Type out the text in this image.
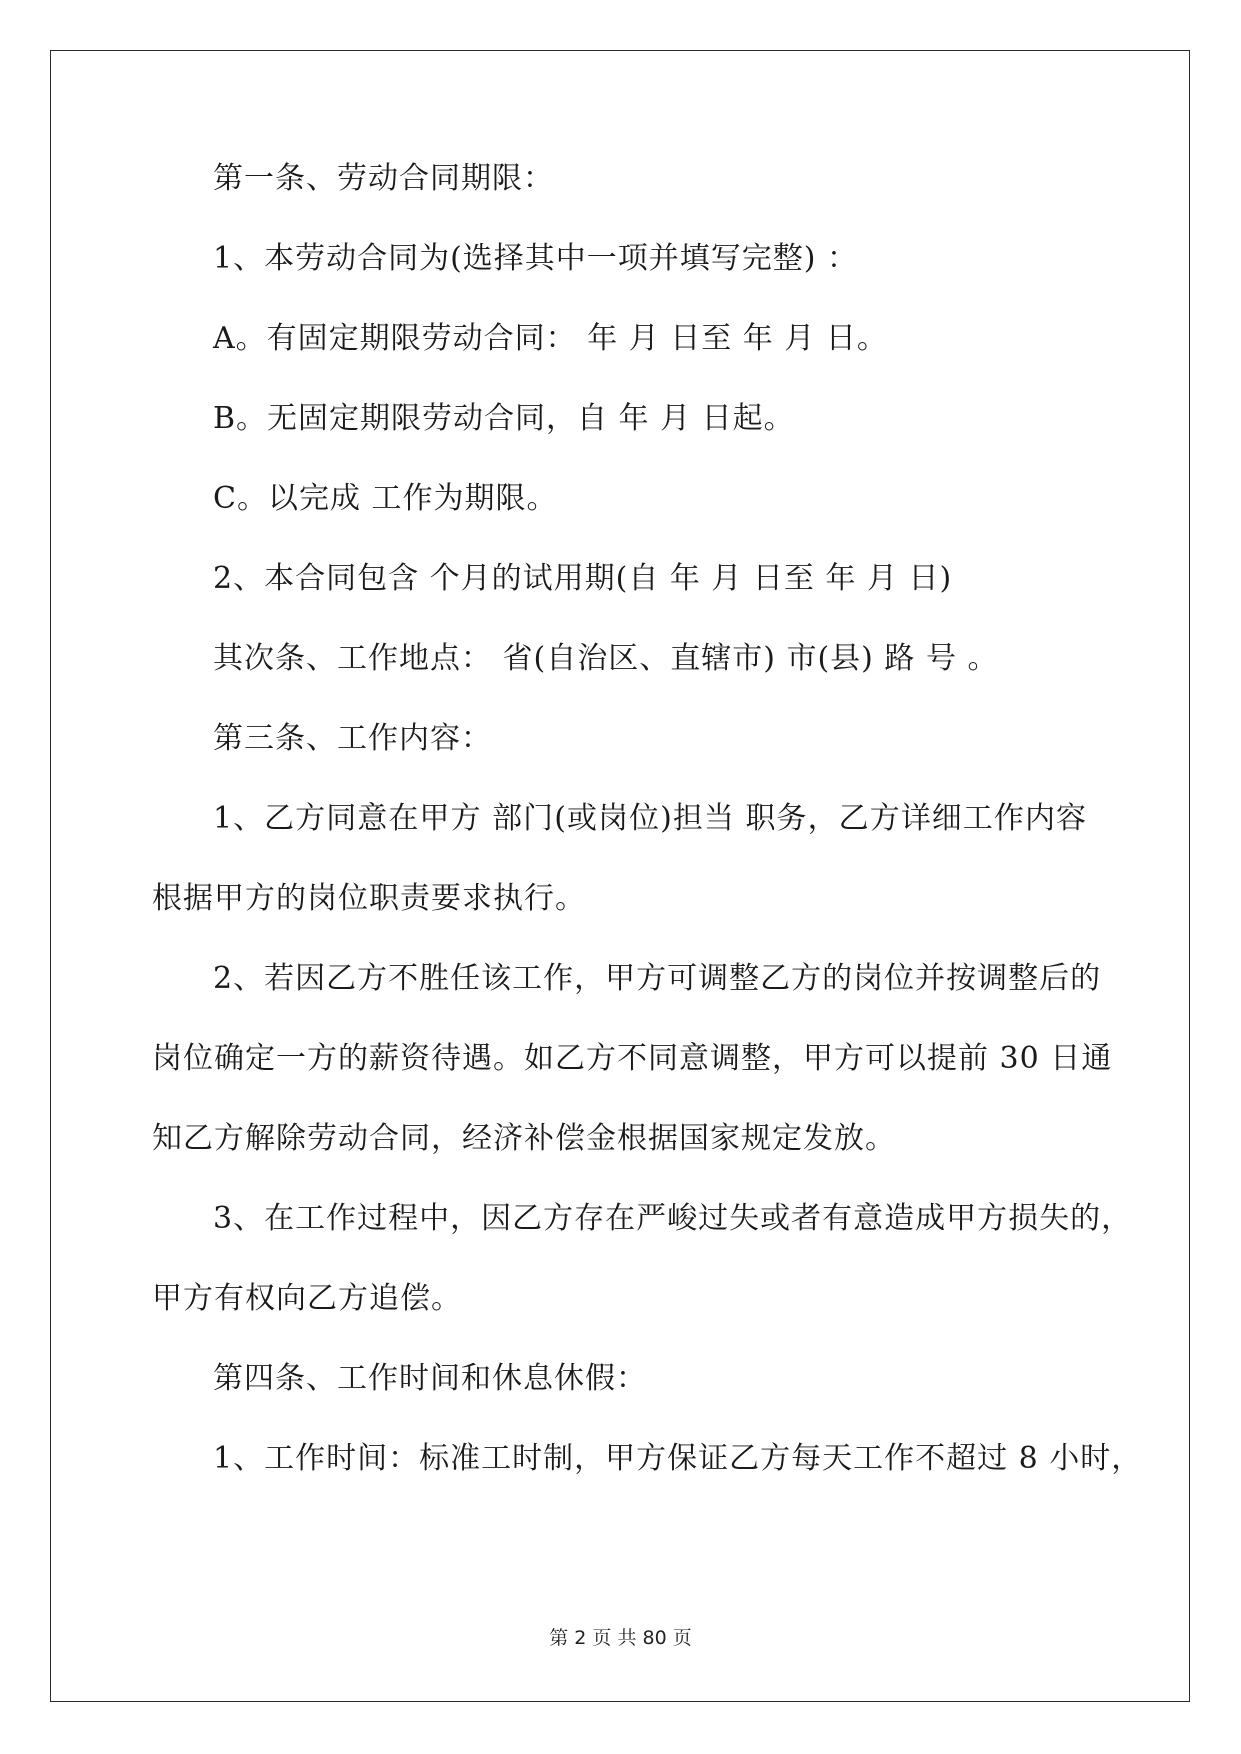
第一条、劳动合同期限：
1、本劳动合同为(选择其中一项并填写完整) ：
A。有固定期限劳动合同： 年 月 日至 年 月 日。
B。无固定期限劳动合同，自 年 月 日起。
C。以完成 工作为期限。
2、本合同包含 个月的试用期(自 年 月 日至 年 月 日)
其次条、工作地点： 省(自治区、直辖市) 市(县) 路 号 。
第三条、工作内容：
1、乙方同意在甲方 部门(或岗位)担当 职务，乙方详细工作内容
根据甲方的岗位职责要求执行。
2、若因乙方不胜任该工作，甲方可调整乙方的岗位并按调整后的
岗位确定一方的薪资待遇。如乙方不同意调整，甲方可以提前 30 日通
知乙方解除劳动合同，经济补偿金根据国家规定发放。
3、在工作过程中，因乙方存在严峻过失或者有意造成甲方损失的，
甲方有权向乙方追偿。
第四条、工作时间和休息休假：
1、工作时间：标准工时制，甲方保证乙方每天工作不超过 8 小时，
第 2 页 共 80 页
